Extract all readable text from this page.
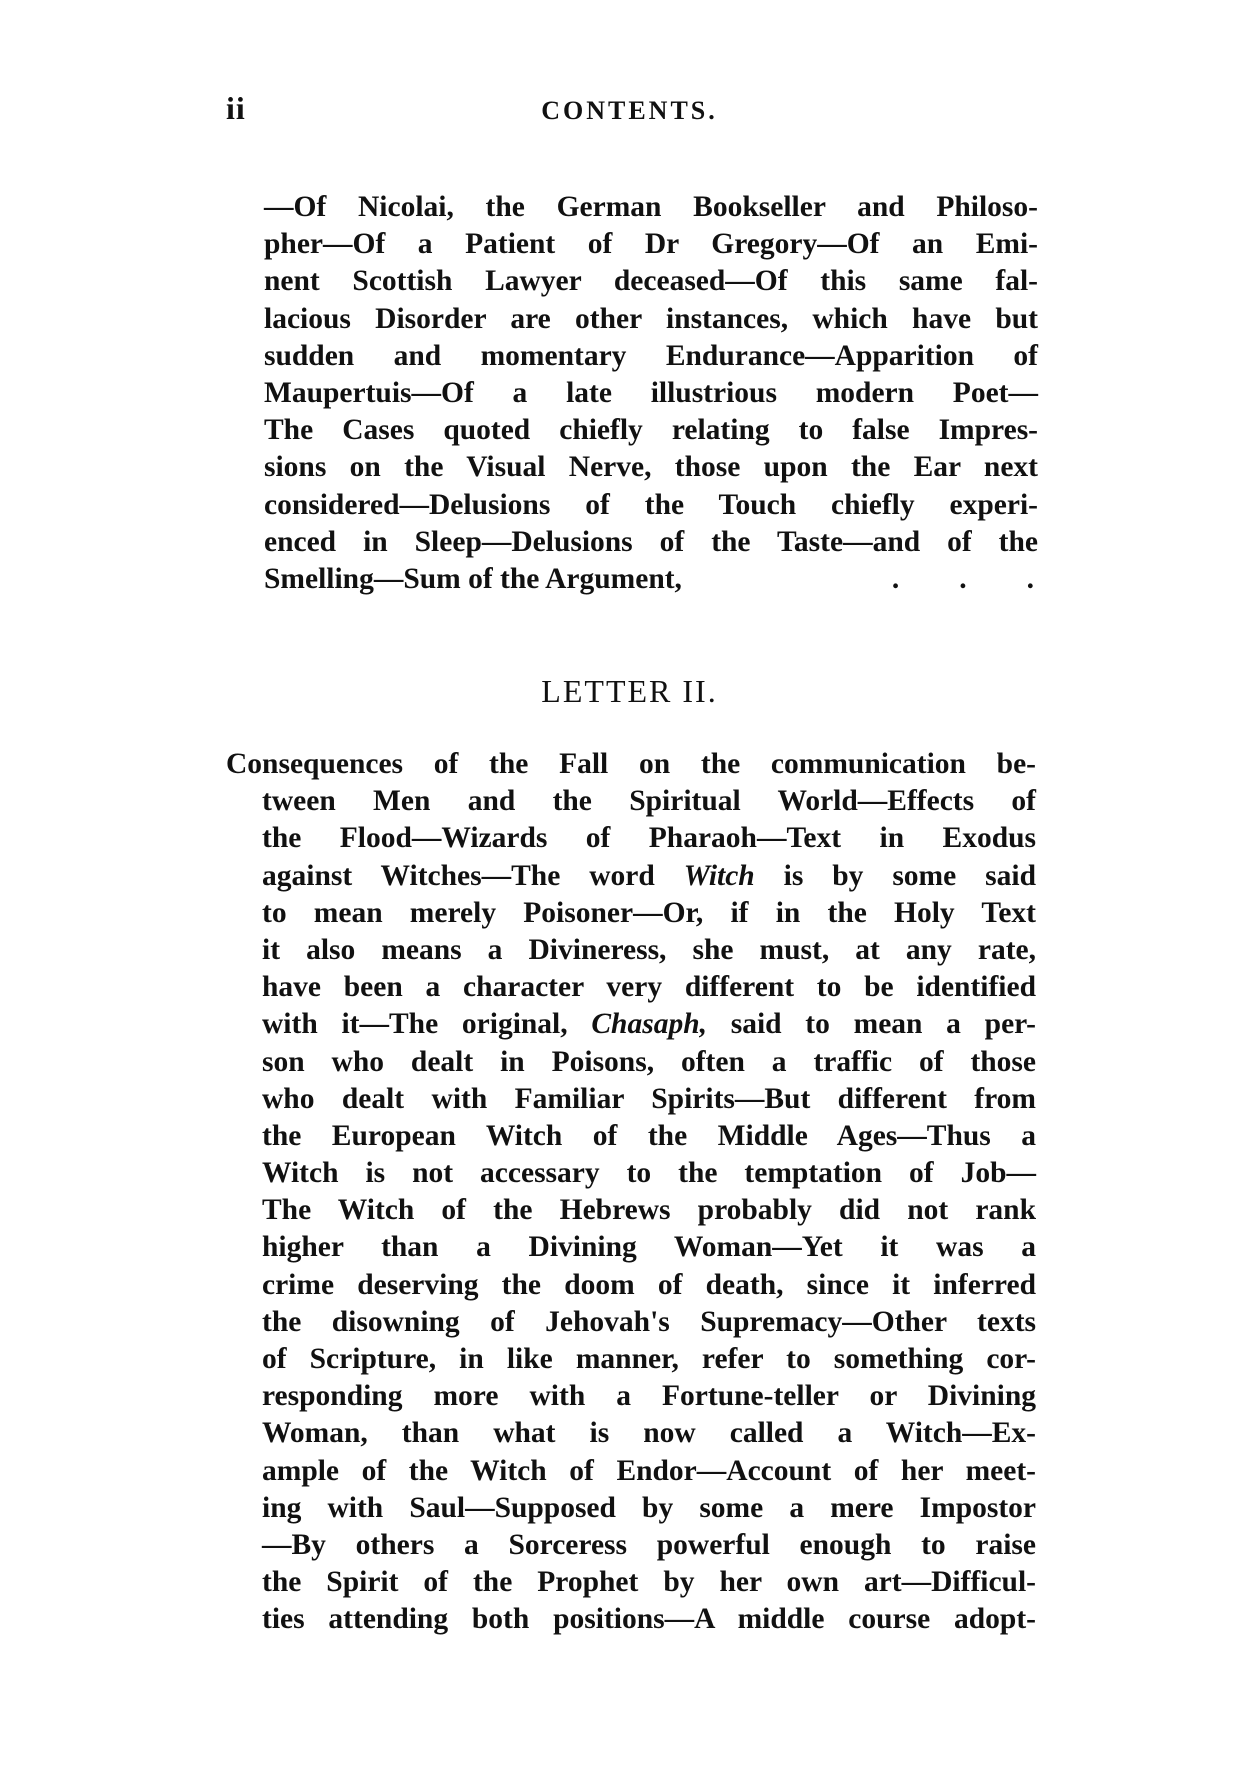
ii	CONTENTS.
—Of Nicolai, the German Bookseller and Philoso-
pher—Of a Patient of Dr Gregory—Of an Emi-
nent Scottish Lawyer deceased—Of this same fal-
lacious Disorder are other instances, which have but
sudden and momentary Endurance—Apparition of
Maupertuis—Of a late illustrious modern Poet—
The Cases quoted chiefly relating to false Impres-
sions on the Visual Nerve, those upon the Ear next
considered—Delusions of the Touch chiefly experi-
enced in Sleep—Delusions of the Taste—and of the
Smelling—Sum of the Argument,	. . .
LETTER II.
Consequences of the Fall on the communication be-
tween Men and the Spiritual World—Effects of
the Flood—Wizards of Pharaoh—Text in Exodus
against Witches—The word Witch is by some said
to mean merely Poisoner—Or, if in the Holy Text
it also means a Divineress, she must, at any rate,
have been a character very different to be identified
with it—The original, Chasaph, said to mean a per-
son who dealt in Poisons, often a traffic of those
who dealt with Familiar Spirits—But different from
the European Witch of the Middle Ages—Thus a
Witch is not accessary to the temptation of Job—
The Witch of the Hebrews probably did not rank
higher than a Divining Woman—Yet it was a
crime deserving the doom of death, since it inferred
the disowning of Jehovah's Supremacy—Other texts
of Scripture, in like manner, refer to something cor-
responding more with a Fortune-teller or Divining
Woman, than what is now called a Witch—Ex-
ample of the Witch of Endor—Account of her meet-
ing with Saul—Supposed by some a mere Impostor
—By others a Sorceress powerful enough to raise
the Spirit of the Prophet by her own art—Difficul-
ties attending both positions—A middle course adopt-
